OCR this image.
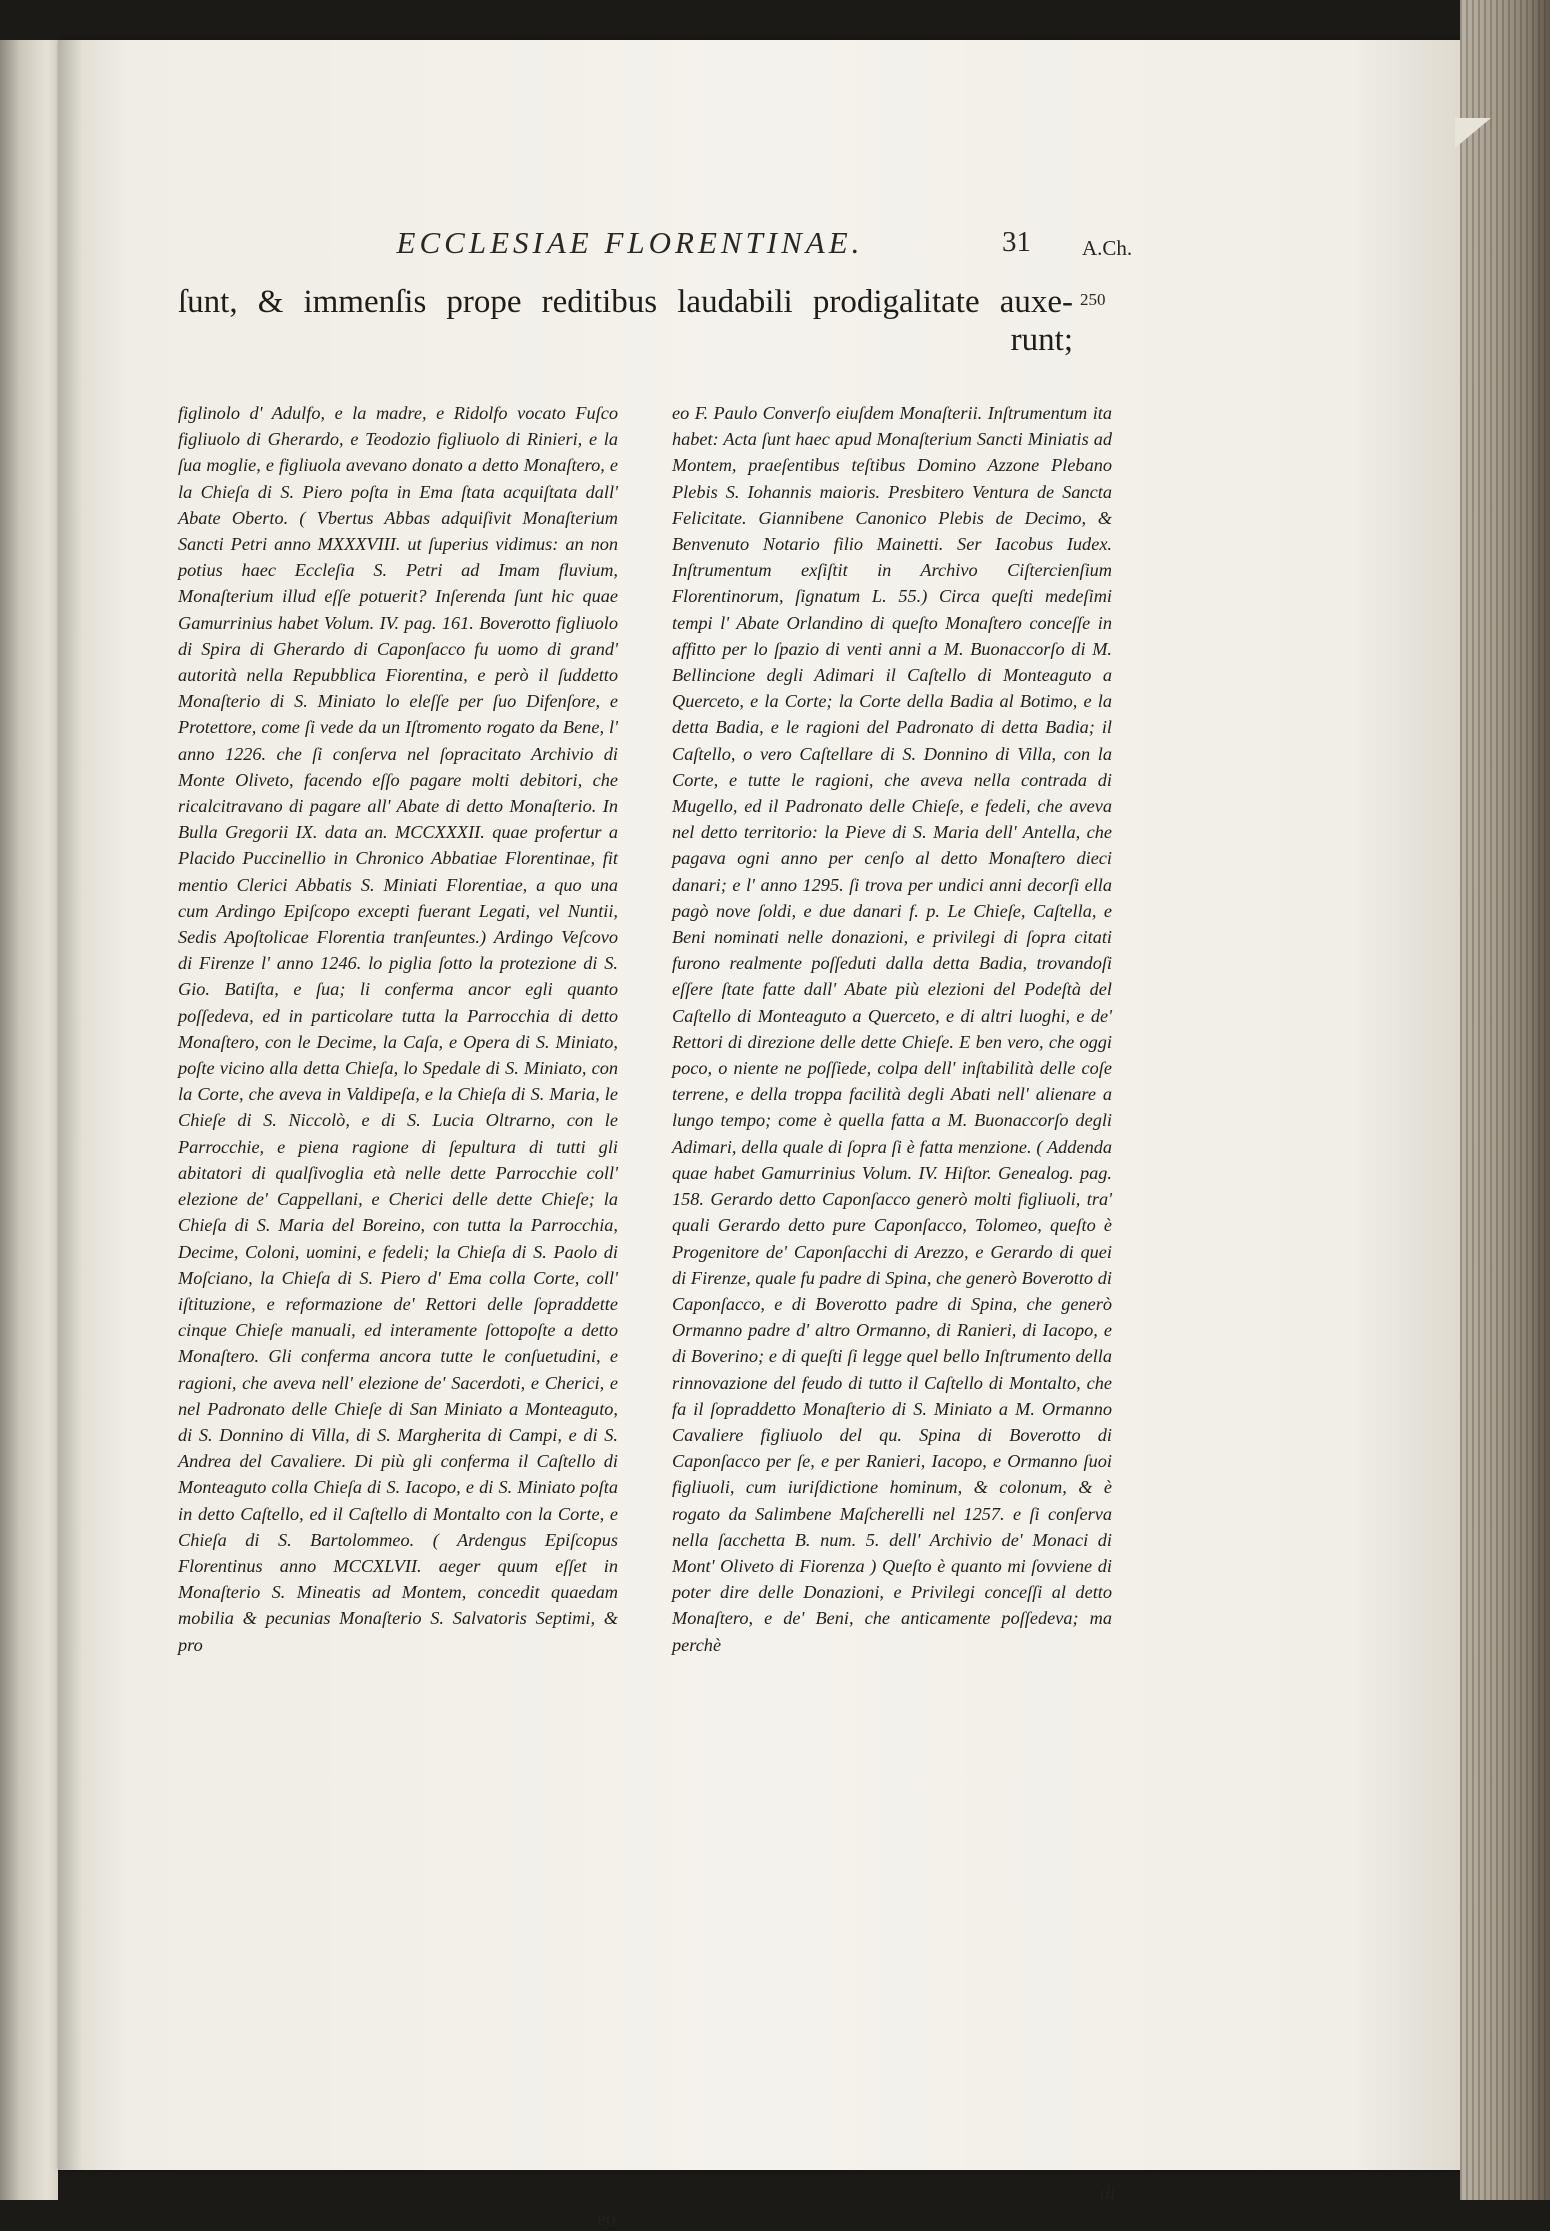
ECCLESIAE FLORENTINAE.	31 A.Ch.
250
ſunt, & immenſis prope reditibus laudabili prodigalitate auxe-
runt;
figlinolo d' Adulfo, e la madre, e Ridolfo vocato Fuſco figliuolo di Gherardo, e Teodozio figliuolo di Rinieri, e la ſua moglie, e figliuola avevano donato a detto Monaſtero, e la Chieſa di S. Piero poſta in Ema ſtata acquiſtata dall' Abate Oberto. ( Vbertus Abbas adquiſivit Monaſterium Sancti Petri anno MXXXVIII. ut ſuperius vidimus: an non potius haec Eccleſia S. Petri ad Imam fluvium, Monaſterium illud eſſe potuerit? Inſerenda ſunt hic quae Gamurrinius habet Volum. IV. pag. 161. Boverotto figliuolo di Spira di Gherardo di Caponſacco fu uomo di grand' autorità nella Repubblica Fiorentina, e però il ſuddetto Monaſterio di S. Miniato lo eleſſe per ſuo Difenſore, e Protettore, come ſi vede da un Iſtromento rogato da Bene, l' anno 1226. che ſi conſerva nel ſopracitato Archivio di Monte Oliveto, facendo eſſo pagare molti debitori, che ricalcitravano di pagare all' Abate di detto Monaſterio. In Bulla Gregorii IX. data an. MCCXXXII. quae profertur a Placido Puccinellio in Chronico Abbatiae Florentinae, fit mentio Clerici Abbatis S. Miniati Florentiae, a quo una cum Ardingo Epiſcopo excepti fuerant Legati, vel Nuntii, Sedis Apoſtolicae Florentia tranſeuntes.) Ardingo Veſcovo di Firenze l' anno 1246. lo piglia ſotto la protezione di S. Gio. Batiſta, e ſua; li conferma ancor egli quanto poſſedeva, ed in particolare tutta la Parrocchia di detto Monaſtero, con le Decime, la Caſa, e Opera di S. Miniato, poſte vicino alla detta Chieſa, lo Spedale di S. Miniato, con la Corte, che aveva in Valdipeſa, e la Chieſa di S. Maria, le Chieſe di S. Niccolò, e di S. Lucia Oltrarno, con le Parrocchie, e piena ragione di ſepultura di tutti gli abitatori di qualſivoglia età nelle dette Parrocchie coll' elezione de' Cappellani, e Cherici delle dette Chieſe; la Chieſa di S. Maria del Boreino, con tutta la Parrocchia, Decime, Coloni, uomini, e fedeli; la Chieſa di S. Paolo di Moſciano, la Chieſa di S. Piero d' Ema colla Corte, coll' iſtituzione, e reformazione de' Rettori delle ſopraddette cinque Chieſe manuali, ed interamente ſottopoſte a detto Monaſtero. Gli conferma ancora tutte le conſuetudini, e ragioni, che aveva nell' elezione de' Sacerdoti, e Cherici, e nel Padronato delle Chieſe di San Miniato a Monteaguto, di S. Donnino di Villa, di S. Margherita di Campi, e di S. Andrea del Cavaliere. Di più gli conferma il Caſtello di Monteaguto colla Chieſa di S. Iacopo, e di S. Miniato poſta in detto Caſtello, ed il Caſtello di Montalto con la Corte, e Chieſa di S. Bartolommeo. ( Ardengus Epiſcopus Florentinus anno MCCXLVII. aeger quum eſſet in Monaſterio S. Mineatis ad Montem, concedit quaedam mobilia & pecunias Monaſterio S. Salvatoris Septimi, & pro
eo F. Paulo Converſo eiuſdem Monaſterii. Inſtrumentum ita habet: Acta ſunt haec apud Monaſterium Sancti Miniatis ad Montem, praeſentibus teſtibus Domino Azzone Plebano Plebis S. Iohannis maioris. Presbitero Ventura de Sancta Felicitate. Giannibene Canonico Plebis de Decimo, & Benvenuto Notario filio Mainetti. Ser Iacobus Iudex. Inſtrumentum exſiſtit in Archivo Ciſtercienſium Florentinorum, ſignatum L. 55.) Circa queſti medeſimi tempi l' Abate Orlandino di queſto Monaſtero conceſſe in affitto per lo ſpazio di venti anni a M. Buonaccorſo di M. Bellincione degli Adimari il Caſtello di Monteaguto a Querceto, e la Corte; la Corte della Badia al Botimo, e la detta Badia, e le ragioni del Padronato di detta Badia; il Caſtello, o vero Caſtellare di S. Donnino di Villa, con la Corte, e tutte le ragioni, che aveva nella contrada di Mugello, ed il Padronato delle Chieſe, e fedeli, che aveva nel detto territorio: la Pieve di S. Maria dell' Antella, che pagava ogni anno per cenſo al detto Monaſtero dieci danari; e l' anno 1295. ſi trova per undici anni decorſi ella pagò nove ſoldi, e due danari f. p. Le Chieſe, Caſtella, e Beni nominati nelle donazioni, e privilegi di ſopra citati furono realmente poſſeduti dalla detta Badia, trovandoſi eſſere ſtate fatte dall' Abate più elezioni del Podeſtà del Caſtello di Monteaguto a Querceto, e di altri luoghi, e de' Rettori di direzione delle dette Chieſe. E ben vero, che oggi poco, o niente ne poſſiede, colpa dell' inſtabilità delle coſe terrene, e della troppa facilità degli Abati nell' alienare a lungo tempo; come è quella fatta a M. Buonaccorſo degli Adimari, della quale di ſopra ſi è fatta menzione. ( Addenda quae habet Gamurrinius Volum. IV. Hiſtor. Genealog. pag. 158. Gerardo detto Caponſacco generò molti figliuoli, tra' quali Gerardo detto pure Caponſacco, Tolomeo, queſto è Progenitore de' Caponſacchi di Arezzo, e Gerardo di quei di Firenze, quale fu padre di Spina, che generò Boverotto di Caponſacco, e di Boverotto padre di Spina, che generò Ormanno padre d' altro Ormanno, di Ranieri, di Iacopo, e di Boverino; e di queſti ſi legge quel bello Inſtrumento della rinnovazione del feudo di tutto il Caſtello di Montalto, che fa il ſopraddetto Monaſterio di S. Miniato a M. Ormanno Cavaliere figliuolo del qu. Spina di Boverotto di Caponſacco per ſe, e per Ranieri, Iacopo, e Ormanno ſuoi figliuoli, cum iuriſdictione hominum, & colonum, & è rogato da Salimbene Maſcherelli nel 1257. e ſi conſerva nella ſacchetta B. num. 5. dell' Archivio de' Monaci di Mont' Oliveto di Fiorenza ) Queſto è quanto mi ſovviene di poter dire delle Donazioni, e Privilegi conceſſi al detto Monaſtero, e de' Beni, che anticamente poſſedeva; ma perchè
eo
di
